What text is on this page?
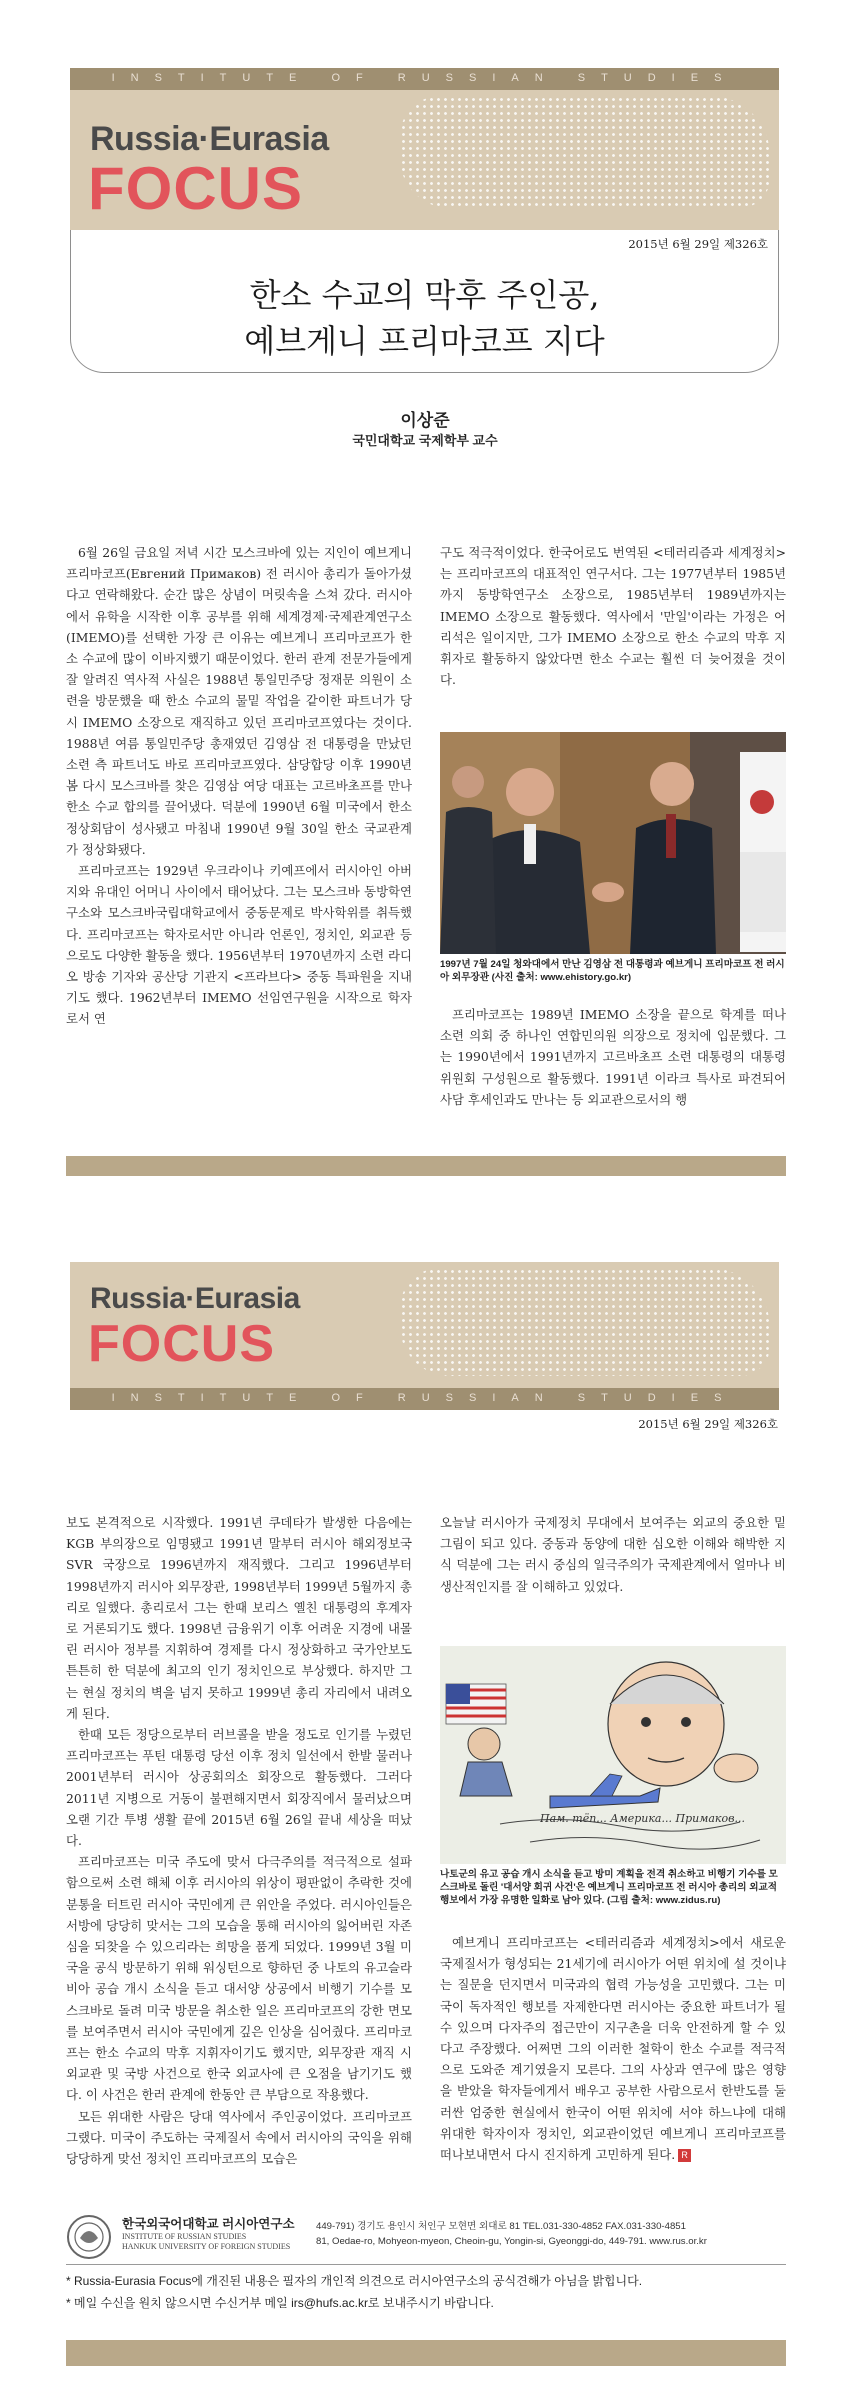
INSTITUTE OF RUSSIAN STUDIES
Russia·Eurasia
FOCUS
2015년 6월 29일 제326호
한소 수교의 막후 주인공,
예브게니 프리마코프 지다
이상준
국민대학교 국제학부 교수

6월 26일 금요일 저녁 시간 모스크바에 있는 지인이 예브게니 프리마코프(Евгений Примаков) 전 러시아 총리가 돌아가셨다고 연락해왔다. 순간 많은 상념이 머릿속을 스쳐 갔다. 러시아에서 유학을 시작한 이후 공부를 위해 세계경제·국제관계연구소(IMEMO)를 선택한 가장 큰 이유는 예브게니 프리마코프가 한소 수교에 많이 이바지했기 때문이었다. 한러 관계 전문가들에게 잘 알려진 역사적 사실은 1988년 통일민주당 정재문 의원이 소련을 방문했을 때 한소 수교의 물밑 작업을 같이한 파트너가 당시 IMEMO 소장으로 재직하고 있던 프리마코프였다는 것이다. 1988년 여름 통일민주당 총재였던 김영삼 전 대통령을 만났던 소련 측 파트너도 바로 프리마코프였다. 삼당합당 이후 1990년 봄 다시 모스크바를 찾은 김영삼 여당 대표는 고르바초프를 만나 한소 수교 합의를 끌어냈다. 덕분에 1990년 6월 미국에서 한소 정상회담이 성사됐고 마침내 1990년 9월 30일 한소 국교관계가 정상화됐다.

프리마코프는 1929년 우크라이나 키예프에서 러시아인 아버지와 유대인 어머니 사이에서 태어났다. 그는 모스크바 동방학연구소와 모스크바국립대학교에서 중동문제로 박사학위를 취득했다. 프리마코프는 학자로서만 아니라 언론인, 정치인, 외교관 등으로도 다양한 활동을 했다. 1956년부터 1970년까지 소련 라디오 방송 기자와 공산당 기관지 <프라브다> 중동 특파원을 지내기도 했다. 1962년부터 IMEMO 선임연구원을 시작으로 학자로서 연

구도 적극적이었다. 한국어로도 번역된 <테러리즘과 세계정치>는 프리마코프의 대표적인 연구서다. 그는 1977년부터 1985년까지 동방학연구소 소장으로, 1985년부터 1989년까지는 IMEMO 소장으로 활동했다. 역사에서 '만일'이라는 가정은 어리석은 일이지만, 그가 IMEMO 소장으로 한소 수교의 막후 지휘자로 활동하지 않았다면 한소 수교는 훨씬 더 늦어졌을 것이다.

1997년 7월 24일 청와대에서 만난 김영삼 전 대통령과 예브게니 프리마코프 전 러시아 외무장관 (사진 출처: www.ehistory.go.kr)

프리마코프는 1989년 IMEMO 소장을 끝으로 학계를 떠나 소련 의회 중 하나인 연합민의원 의장으로 정치에 입문했다. 그는 1990년에서 1991년까지 고르바초프 소련 대통령의 대통령위원회 구성원으로 활동했다. 1991년 이라크 특사로 파견되어 사담 후세인과도 만나는 등 외교관으로서의 행

Russia·Eurasia
FOCUS
INSTITUTE OF RUSSIAN STUDIES
2015년 6월 29일 제326호

보도 본격적으로 시작했다. 1991년 쿠데타가 발생한 다음에는 KGB 부의장으로 임명됐고 1991년 말부터 러시아 해외정보국 SVR 국장으로 1996년까지 재직했다. 그리고 1996년부터 1998년까지 러시아 외무장관, 1998년부터 1999년 5월까지 총리로 일했다. 총리로서 그는 한때 보리스 옐친 대통령의 후계자로 거론되기도 했다. 1998년 금융위기 이후 어려운 지경에 내몰린 러시아 정부를 지휘하여 경제를 다시 정상화하고 국가안보도 튼튼히 한 덕분에 최고의 인기 정치인으로 부상했다. 하지만 그는 현실 정치의 벽을 넘지 못하고 1999년 총리 자리에서 내려오게 된다.

한때 모든 정당으로부터 러브콜을 받을 정도로 인기를 누렸던 프리마코프는 푸틴 대통령 당선 이후 정치 일선에서 한발 물러나 2001년부터 러시아 상공회의소 회장으로 활동했다. 그러다 2011년 지병으로 거동이 불편해지면서 회장직에서 물러났으며 오랜 기간 투병 생활 끝에 2015년 6월 26일 끝내 세상을 떠났다.

프리마코프는 미국 주도에 맞서 다극주의를 적극적으로 설파함으로써 소련 해체 이후 러시아의 위상이 평판없이 추락한 것에 분통을 터트린 러시아 국민에게 큰 위안을 주었다. 러시아인들은 서방에 당당히 맞서는 그의 모습을 통해 러시아의 잃어버린 자존심을 되찾을 수 있으리라는 희망을 품게 되었다. 1999년 3월 미국을 공식 방문하기 위해 워싱턴으로 향하던 중 나토의 유고슬라비아 공습 개시 소식을 듣고 대서양 상공에서 비행기 기수를 모스크바로 돌려 미국 방문을 취소한 일은 프리마코프의 강한 면모를 보여주면서 러시아 국민에게 깊은 인상을 심어줬다. 프리마코프는 한소 수교의 막후 지휘자이기도 했지만, 외무장관 재직 시 외교관 및 국방 사건으로 한국 외교사에 큰 오점을 남기기도 했다. 이 사건은 한러 관계에 한동안 큰 부담으로 작용했다.

모든 위대한 사람은 당대 역사에서 주인공이었다. 프리마코프 그랬다. 미국이 주도하는 국제질서 속에서 러시아의 국익을 위해 당당하게 맞선 정치인 프리마코프의 모습은

오늘날 러시아가 국제정치 무대에서 보여주는 외교의 중요한 밑그림이 되고 있다. 중동과 동양에 대한 심오한 이해와 해박한 지식 덕분에 그는 러시 중심의 일극주의가 국제관계에서 얼마나 비생산적인지를 잘 이해하고 있었다.

Пам. тёп... Америка... Примаков...
나토군의 유고 공습 개시 소식을 듣고 방미 계획을 전격 취소하고 비행기 기수를 모스크바로 돌린 '대서양 회귀 사건'은 예브게니 프리마코프 전 러시아 총리의 외교적 행보에서 가장 유명한 일화로 남아 있다. (그림 출처: www.zidus.ru)

예브게니 프리마코프는 <테러리즘과 세계정치>에서 새로운 국제질서가 형성되는 21세기에 러시아가 어떤 위치에 설 것이냐는 질문을 던지면서 미국과의 협력 가능성을 고민했다. 그는 미국이 독자적인 행보를 자제한다면 러시아는 중요한 파트너가 될 수 있으며 다자주의 접근만이 지구촌을 더욱 안전하게 할 수 있다고 주장했다. 어쩌면 그의 이러한 철학이 한소 수교를 적극적으로 도와준 계기였을지 모른다. 그의 사상과 연구에 많은 영향을 받았을 학자들에게서 배우고 공부한 사람으로서 한반도를 둘러싼 엄중한 현실에서 한국이 어떤 위치에 서야 하느냐에 대해 위대한 학자이자 정치인, 외교관이었던 예브게니 프리마코프를 떠나보내면서 다시 진지하게 고민하게 된다. R

한국외국어대학교 러시아연구소
INSTITUTE OF RUSSIAN STUDIES
HANKUK UNIVERSITY OF FOREIGN STUDIES
449-791) 경기도 용인시 처인구 모현면 외대로 81 TEL.031-330-4852 FAX.031-330-4851
81, Oedae-ro, Mohyeon-myeon, Cheoin-gu, Yongin-si, Gyeonggi-do, 449-791. www.rus.or.kr
* Russia-Eurasia Focus에 개진된 내용은 필자의 개인적 의견으로 러시아연구소의 공식견해가 아님을 밝힙니다.
* 메일 수신을 원치 않으시면 수신거부 메일 irs@hufs.ac.kr로 보내주시기 바랍니다.
